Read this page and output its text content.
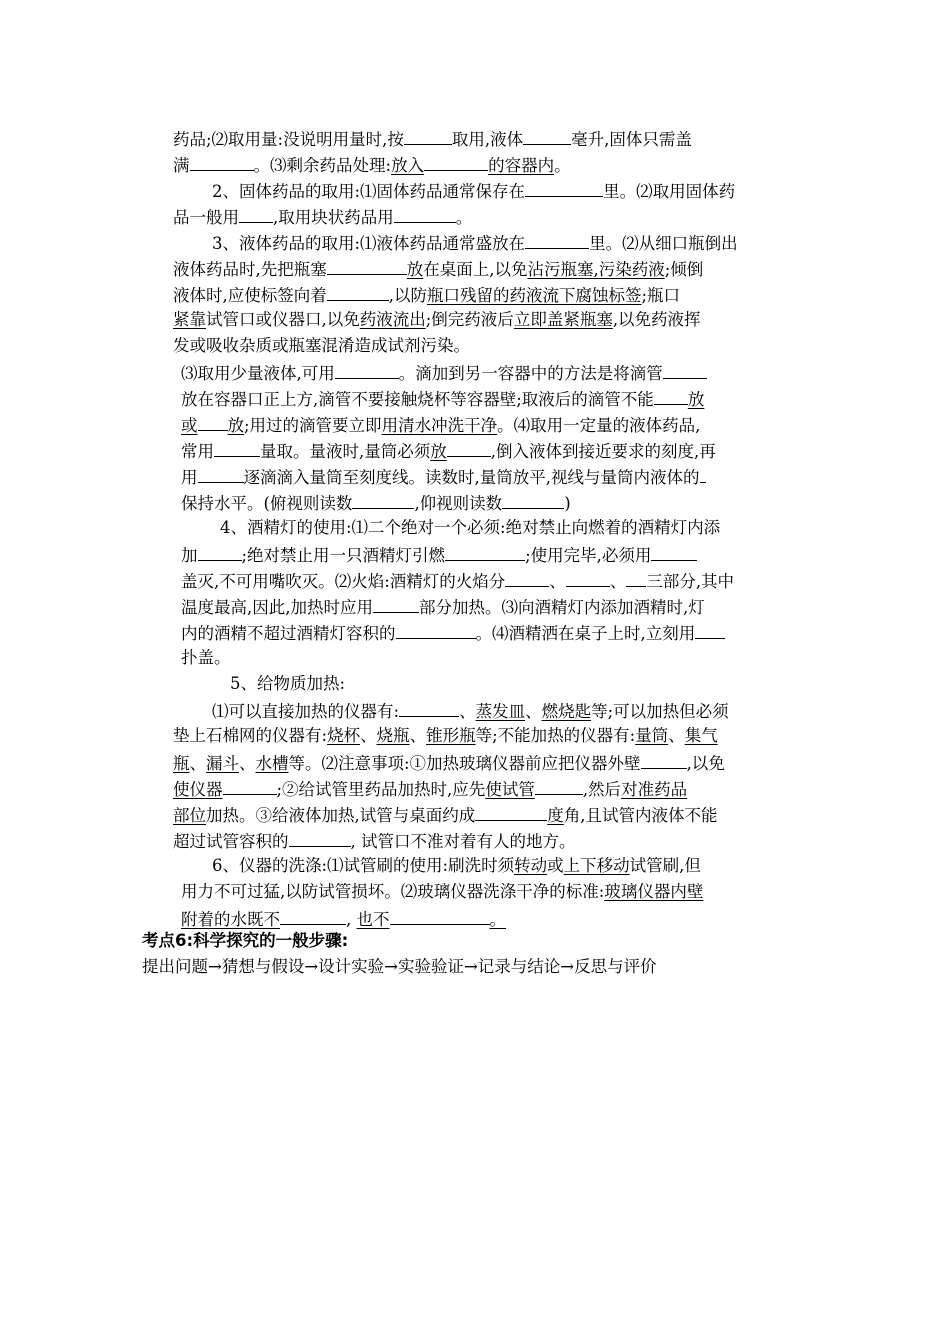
药品;⑵取用量:没说明用量时,按	取用,液体	毫升,固体只需盖
满	。⑶剩余药品处理:放入	的容器内。
2、固体药品的取用:⑴固体药品通常保存在	里。⑵取用固体药
品一般用 ,取用块状药品用	。
3、液体药品的取用:⑴液体药品通常盛放在	里。⑵从细口瓶倒出
液体药品时,先把瓶塞	放在桌面上,以免沾污瓶塞,污染药液;倾倒
液体时,应使标签向着	,以防瓶口残留的药液流下腐蚀标签;瓶口
紧靠试管口或仪器口,以免药液流出;倒完药液后立即盖紧瓶塞,以免药液挥
发或吸收杂质或瓶塞混淆造成试剂污染。
⑶取用少量液体,可用	。滴加到另一容器中的方法是将滴管
放在容器口正上方,滴管不要接触烧杯等容器壁;取液后的滴管不能 放
或 放;用过的滴管要立即用清水冲洗干净。⑷取用一定量的液体药品,
常用	量取。量液时,量筒必须放	,倒入液体到接近要求的刻度,再
用	逐滴滴入量筒至刻度线。读数时,量筒放平,视线与量筒内液体的
保持水平。(俯视则读数	,仰视则读数	)
4、酒精灯的使用:⑴二个绝对一个必须:绝对禁止向燃着的酒精灯内添
加	;绝对禁止用一只酒精灯引燃	;使用完毕,必须用
盖灭,不可用嘴吹灭。⑵火焰:酒精灯的火焰分	、	、 三部分,其中
温度最高,因此,加热时应用	部分加热。⑶向酒精灯内添加酒精时,灯
内的酒精不超过酒精灯容积的	。⑷酒精洒在桌子上时,立刻用
扑盖。
5、给物质加热:
⑴可以直接加热的仪器有:	、蒸发皿、燃烧匙等;可以加热但必须
垫上石棉网的仪器有:烧杯、烧瓶、锥形瓶等;不能加热的仪器有:量筒、集气
瓶、漏斗、水槽等。⑵注意事项:①加热玻璃仪器前应把仪器外壁	,以免
使仪器	;②给试管里药品加热时,应先使试管	,然后对准药品
部位加热。③给液体加热,试管与桌面约成	度角,且试管内液体不能
超过试管容积的	, 试管口不准对着有人的地方。
6、仪器的洗涤:⑴试管刷的使用:刷洗时须转动或上下移动试管刷,但
用力不可过猛,以防试管损坏。⑵玻璃仪器洗涤干净的标准:玻璃仪器内壁
附着的水既不	, 也不	。
考点6:科学探究的一般步骤:
提出问题→猜想与假设→设计实验→实验验证→记录与结论→反思与评价
